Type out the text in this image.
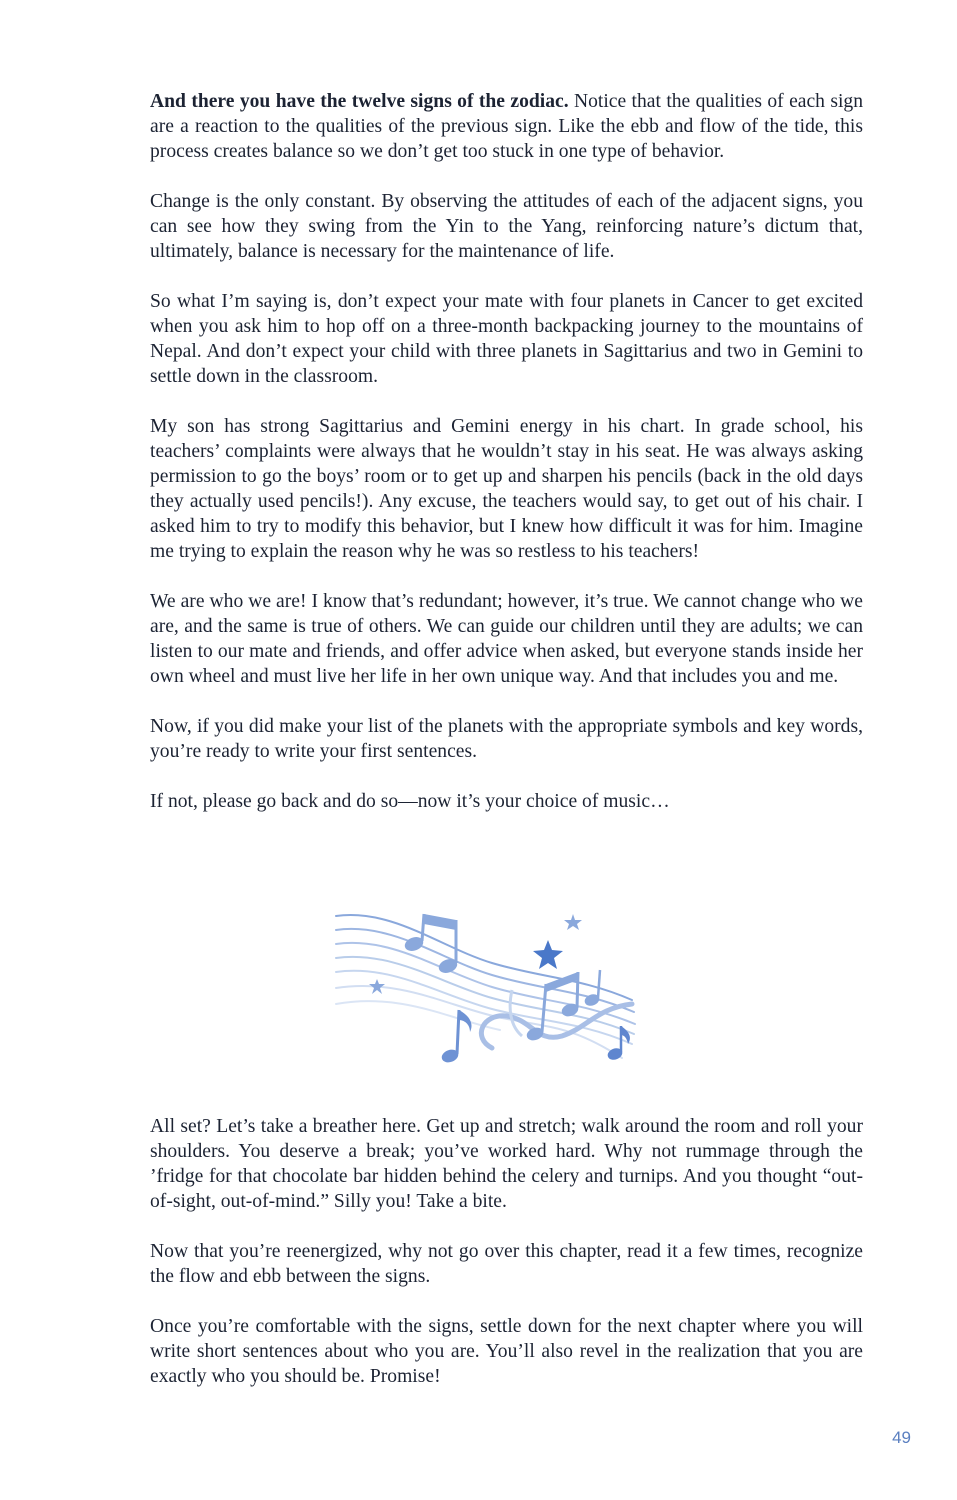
And there you have the twelve signs of the zodiac. Notice that the qualities of each sign are a reaction to the qualities of the previous sign. Like the ebb and flow of the tide, this process creates balance so we don’t get too stuck in one type of behavior.

Change is the only constant. By observing the attitudes of each of the adjacent signs, you can see how they swing from the Yin to the Yang, reinforcing nature’s dictum that, ultimately, balance is necessary for the maintenance of life.

So what I’m saying is, don’t expect your mate with four planets in Cancer to get excited when you ask him to hop off on a three-month backpacking journey to the mountains of Nepal. And don’t expect your child with three planets in Sagittarius and two in Gemini to settle down in the classroom.

My son has strong Sagittarius and Gemini energy in his chart. In grade school, his teachers’ complaints were always that he wouldn’t stay in his seat. He was always asking permission to go the boys’ room or to get up and sharpen his pencils (back in the old days they actually used pencils!). Any excuse, the teachers would say, to get out of his chair. I asked him to try to modify this behavior, but I knew how difficult it was for him. Imagine me trying to explain the reason why he was so restless to his teachers!

We are who we are! I know that’s redundant; however, it’s true. We cannot change who we are, and the same is true of others. We can guide our children until they are adults; we can listen to our mate and friends, and offer advice when asked, but everyone stands inside her own wheel and must live her life in her own unique way. And that includes you and me.

Now, if you did make your list of the planets with the appropriate symbols and key words, you’re ready to write your first sentences.

If not, please go back and do so—now it’s your choice of music…

All set? Let’s take a breather here. Get up and stretch; walk around the room and roll your shoulders. You deserve a break; you’ve worked hard. Why not rummage through the ’fridge for that chocolate bar hidden behind the celery and turnips. And you thought “out-of-sight, out-of-mind.” Silly you! Take a bite.

Now that you’re reenergized, why not go over this chapter, read it a few times, recognize the flow and ebb between the signs.

Once you’re comfortable with the signs, settle down for the next chapter where you will write short sentences about who you are. You’ll also revel in the realization that you are exactly who you should be. Promise!

49
